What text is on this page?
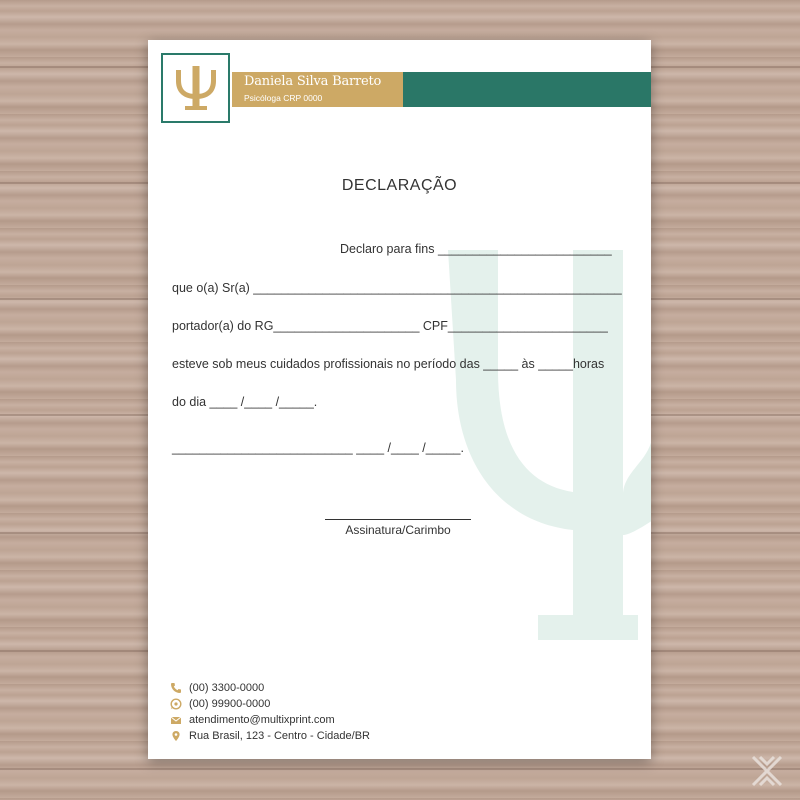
Daniela Silva Barreto
Psicóloga CRP 0000
DECLARAÇÃO
Declaro para fins _________________________
que o(a) Sr(a) _____________________________________________________
portador(a) do RG_____________________ CPF_______________________
esteve sob meus cuidados profissionais no período das _____ às _____horas
do dia ____ /____ /_____.
__________________________ ____ /____ /_____.
Assinatura/Carimbo
(00) 3300-0000
(00) 99900-0000
atendimento@multixprint.com
Rua Brasil, 123 - Centro - Cidade/BR
